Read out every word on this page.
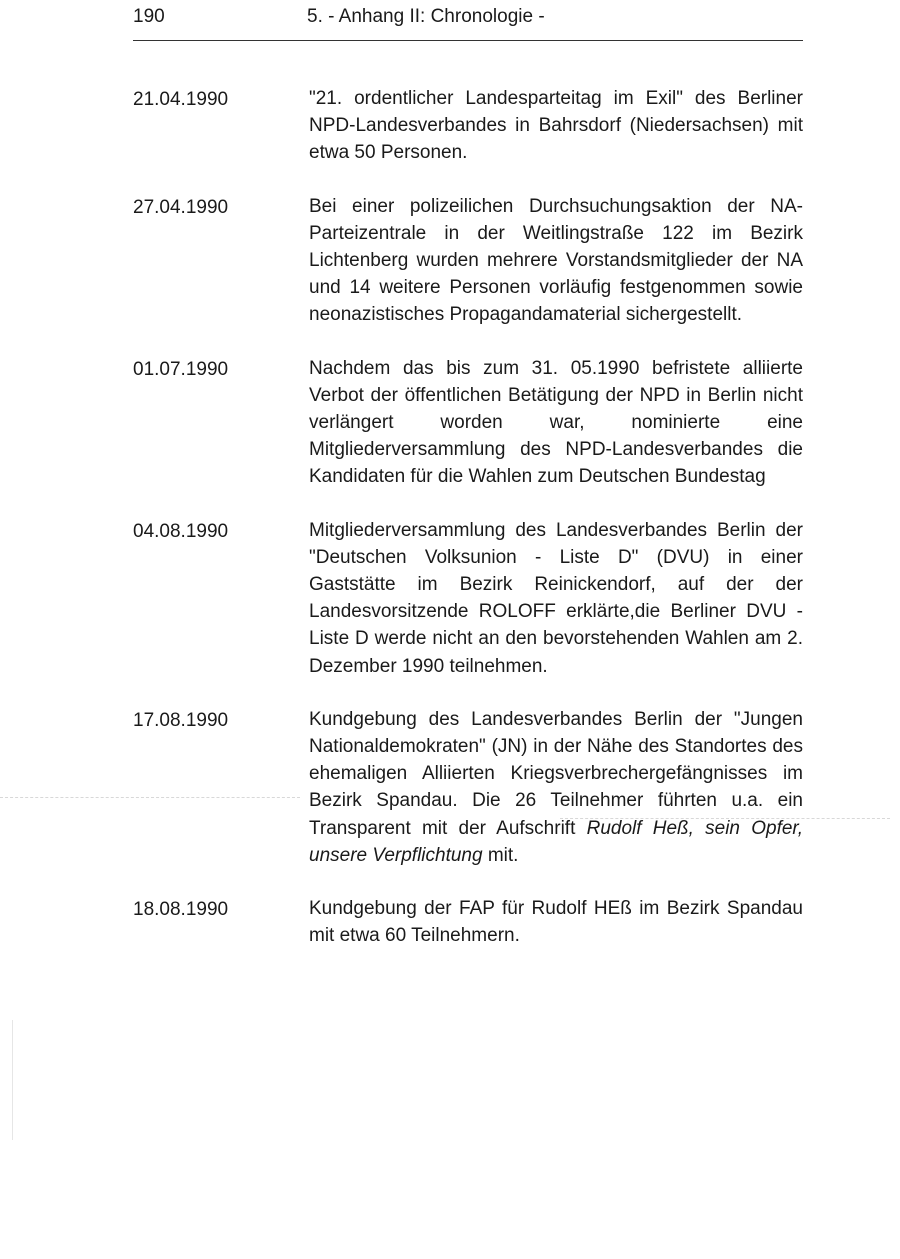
190	5. - Anhang II: Chronologie -
21.04.1990	"21. ordentlicher Landesparteitag im Exil" des Berliner NPD-Landesverbandes in Bahrsdorf (Niedersachsen) mit etwa 50 Personen.
27.04.1990	Bei einer polizeilichen Durchsuchungsaktion der NA-Parteizentrale in der Weitlingstraße 122 im Bezirk Lichtenberg wurden mehrere Vorstandsmitglieder der NA und 14 weitere Personen vorläufig festgenommen sowie neonazistisches Propagandamaterial sichergestellt.
01.07.1990	Nachdem das bis zum 31. 05.1990 befristete alliierte Verbot der öffentlichen Betätigung der NPD in Berlin nicht verlängert worden war, nominierte eine Mitgliederversammlung des NPD-Landesverbandes die Kandidaten für die Wahlen zum Deutschen Bundestag
04.08.1990	Mitgliederversammlung des Landesverbandes Berlin der "Deutschen Volksunion - Liste D" (DVU) in einer Gaststätte im Bezirk Reinickendorf, auf der der Landesvorsitzende ROLOFF erklärte,die Berliner DVU - Liste D werde nicht an den bevorstehenden Wahlen am 2. Dezember 1990 teilnehmen.
17.08.1990	Kundgebung des Landesverbandes Berlin der "Jungen Nationaldemokraten" (JN) in der Nähe des Standortes des ehemaligen Alliierten Kriegsverbrechergefängnisses im Bezirk Spandau. Die 26 Teilnehmer führten u.a. ein Transparent mit der Aufschrift Rudolf Heß, sein Opfer, unsere Verpflichtung mit.
18.08.1990	Kundgebung der FAP für Rudolf HEß im Bezirk Spandau mit etwa 60 Teilnehmern.
